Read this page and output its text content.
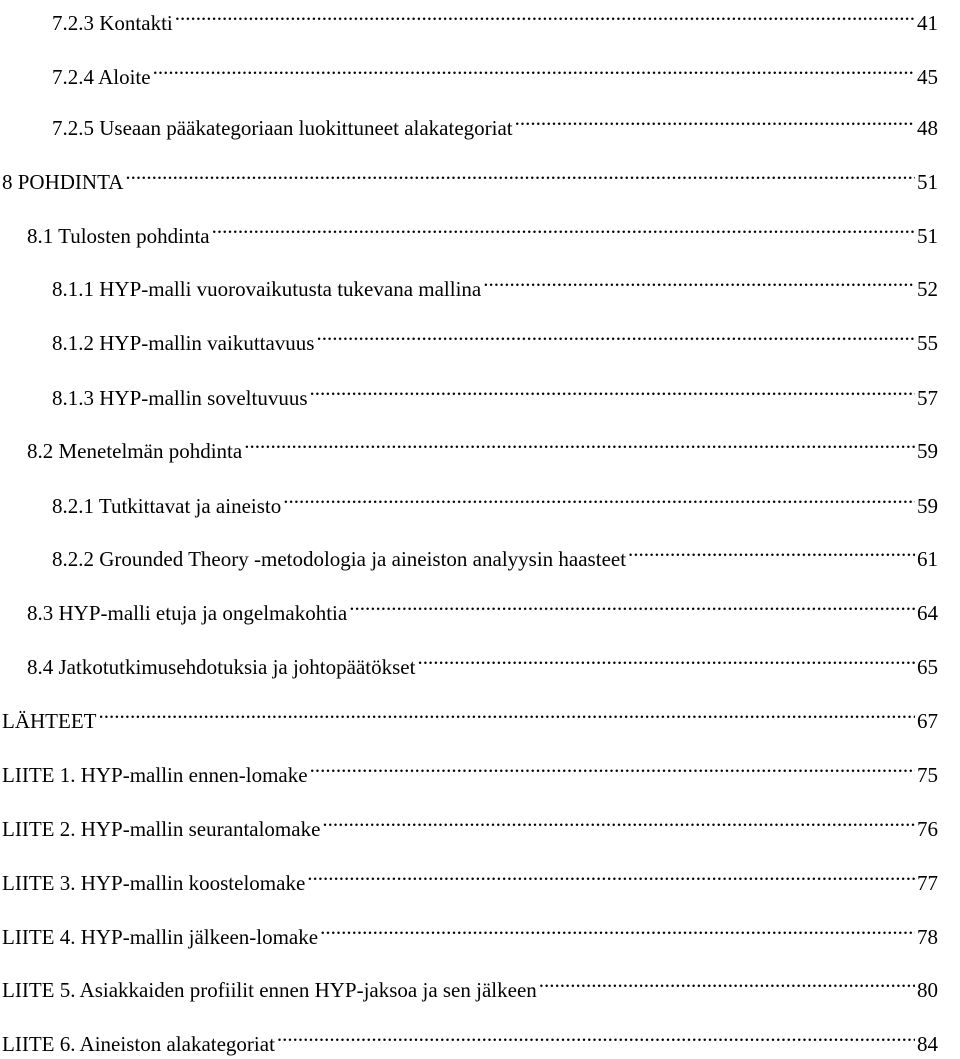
7.2.3 Kontakti .....	41
7.2.4 Aloite .....	45
7.2.5 Useaan pääkategoriaan luokittuneet alakategoriat .....	48
8 POHDINTA .....	51
8.1 Tulosten pohdinta .....	51
8.1.1 HYP-malli vuorovaikutusta tukevana mallina .....	52
8.1.2 HYP-mallin vaikuttavuus .....	55
8.1.3 HYP-mallin soveltuvuus .....	57
8.2 Menetelmän pohdinta .....	59
8.2.1 Tutkittavat ja aineisto .....	59
8.2.2 Grounded Theory -metodologia ja aineiston analyysin haasteet .....	61
8.3 HYP-malli etuja ja ongelmakohtia .....	64
8.4 Jatkotutkimusehdotuksia ja johtopäätökset .....	65
LÄHTEET .....	67
LIITE 1. HYP-mallin ennen-lomake .....	75
LIITE 2. HYP-mallin seurantalomake .....	76
LIITE 3. HYP-mallin koostelomake .....	77
LIITE 4. HYP-mallin jälkeen-lomake .....	78
LIITE 5. Asiakkaiden profiilit ennen HYP-jaksoa ja sen jälkeen .....	80
LIITE 6. Aineiston alakategoriat .....	84
